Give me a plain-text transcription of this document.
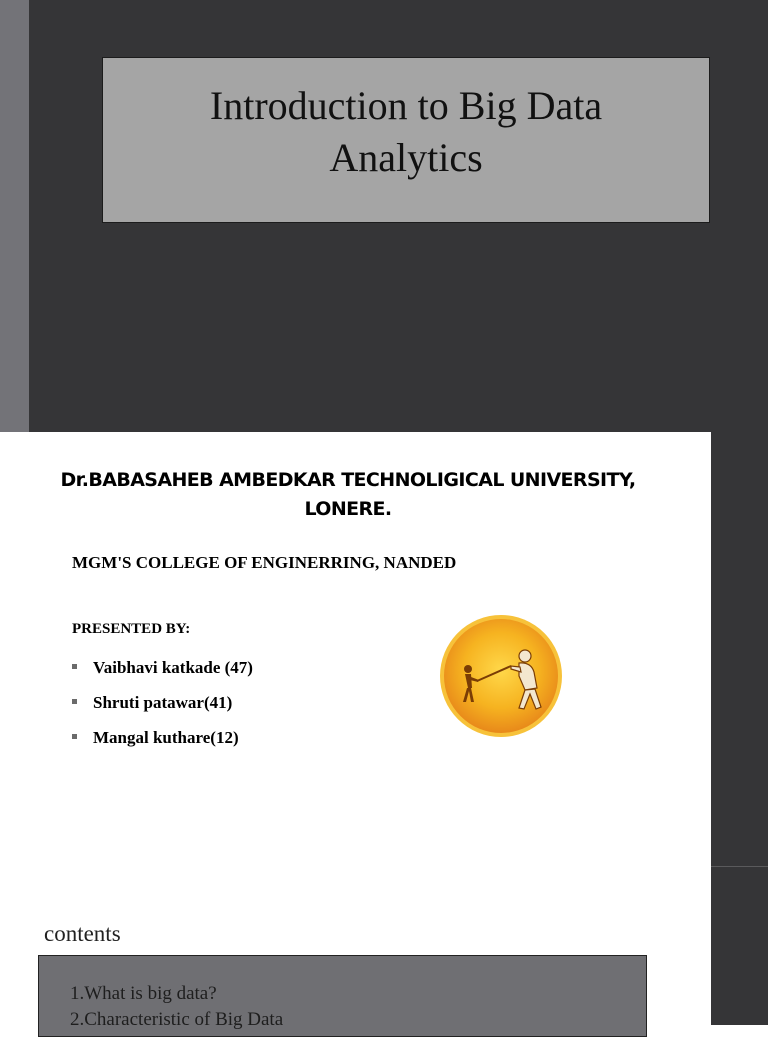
Introduction to Big Data Analytics
Dr.BABASAHEB AMBEDKAR TECHNOLIGICAL UNIVERSITY, LONERE.
MGM'S COLLEGE OF ENGINERRING, NANDED
PRESENTED BY:
Vaibhavi katkade (47)
Shruti patawar(41)
Mangal kuthare(12)
contents
1.What is big data?
2.Characteristic of Big Data
